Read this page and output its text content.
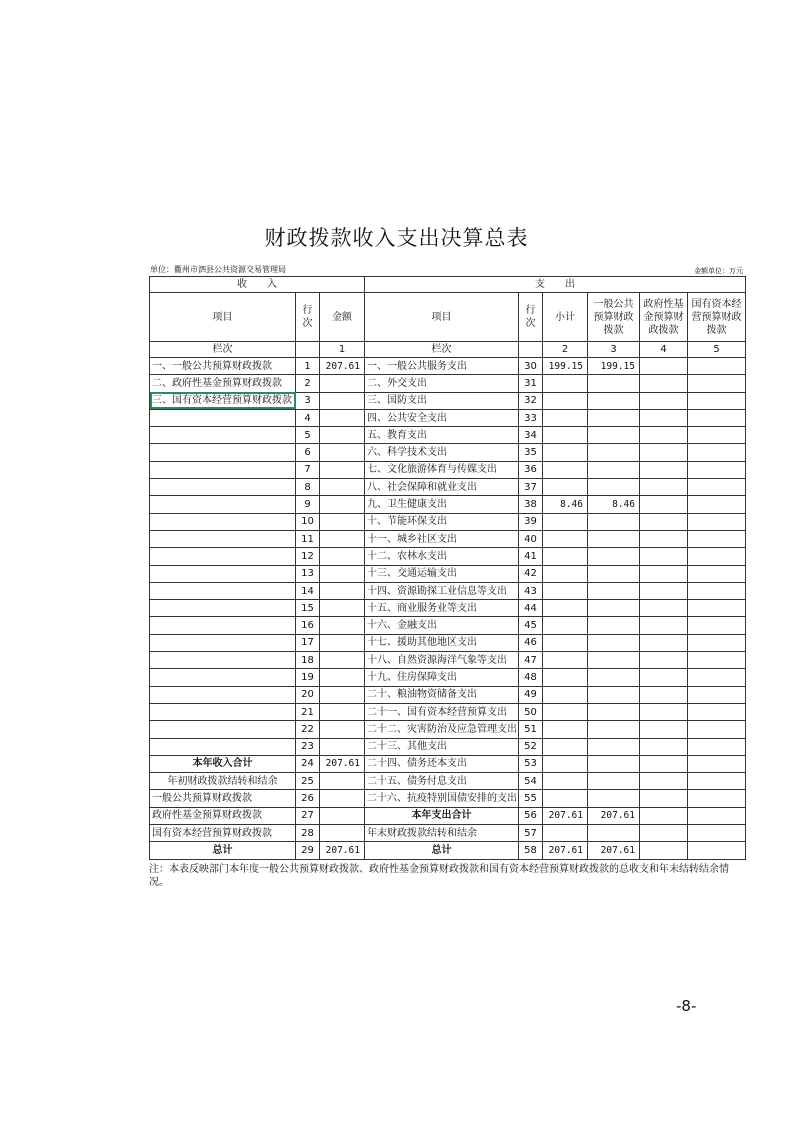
财政拨款收入支出决算总表
单位：衢州市泗县公共资源交易管理局	金额单位：万元
收　　入			支　　出					
项目	行次	金额	项目	行次	小计	一般公共预算财政拨款	政府性基金预算财政拨款	国有资本经营预算财政拨款
栏次		1	栏次		2	3	4	5
一、一般公共预算财政拨款	1	207.61	一、一般公共服务支出	30	199.15	199.15		
二、政府性基金预算财政拨款	2		二、外交支出	31				
三、国有资本经营预算财政拨款	3		三、国防支出	32				
	4		四、公共安全支出	33				
	5		五、教育支出	34				
	6		六、科学技术支出	35				
	7		七、文化旅游体育与传媒支出	36				
	8		八、社会保障和就业支出	37				
	9		九、卫生健康支出	38	8.46	8.46		
	10		十、节能环保支出	39				
	11		十一、城乡社区支出	40				
	12		十二、农林水支出	41				
	13		十三、交通运输支出	42				
	14		十四、资源勘探工业信息等支出	43				
	15		十五、商业服务业等支出	44				
	16		十六、金融支出	45				
	17		十七、援助其他地区支出	46				
	18		十八、自然资源海洋气象等支出	47				
	19		十九、住房保障支出	48				
	20		二十、粮油物资储备支出	49				
	21		二十一、国有资本经营预算支出	50				
	22		二十二、灾害防治及应急管理支出	51				
	23		二十三、其他支出	52				
本年收入合计	24	207.61	二十四、债务还本支出	53				
年初财政拨款结转和结余	25		二十五、债务付息支出	54				
一般公共预算财政拨款	26		二十六、抗疫特别国债安排的支出	55				
政府性基金预算财政拨款	27		本年支出合计	56	207.61	207.61		
国有资本经营预算财政拨款	28		年末财政拨款结转和结余	57				
总计	29	207.61	总计	58	207.61	207.61		
注：本表反映部门本年度一般公共预算财政拨款、政府性基金预算财政拨款和国有资本经营预算财政拨款的总收支和年末结转结余情况。
-8-
